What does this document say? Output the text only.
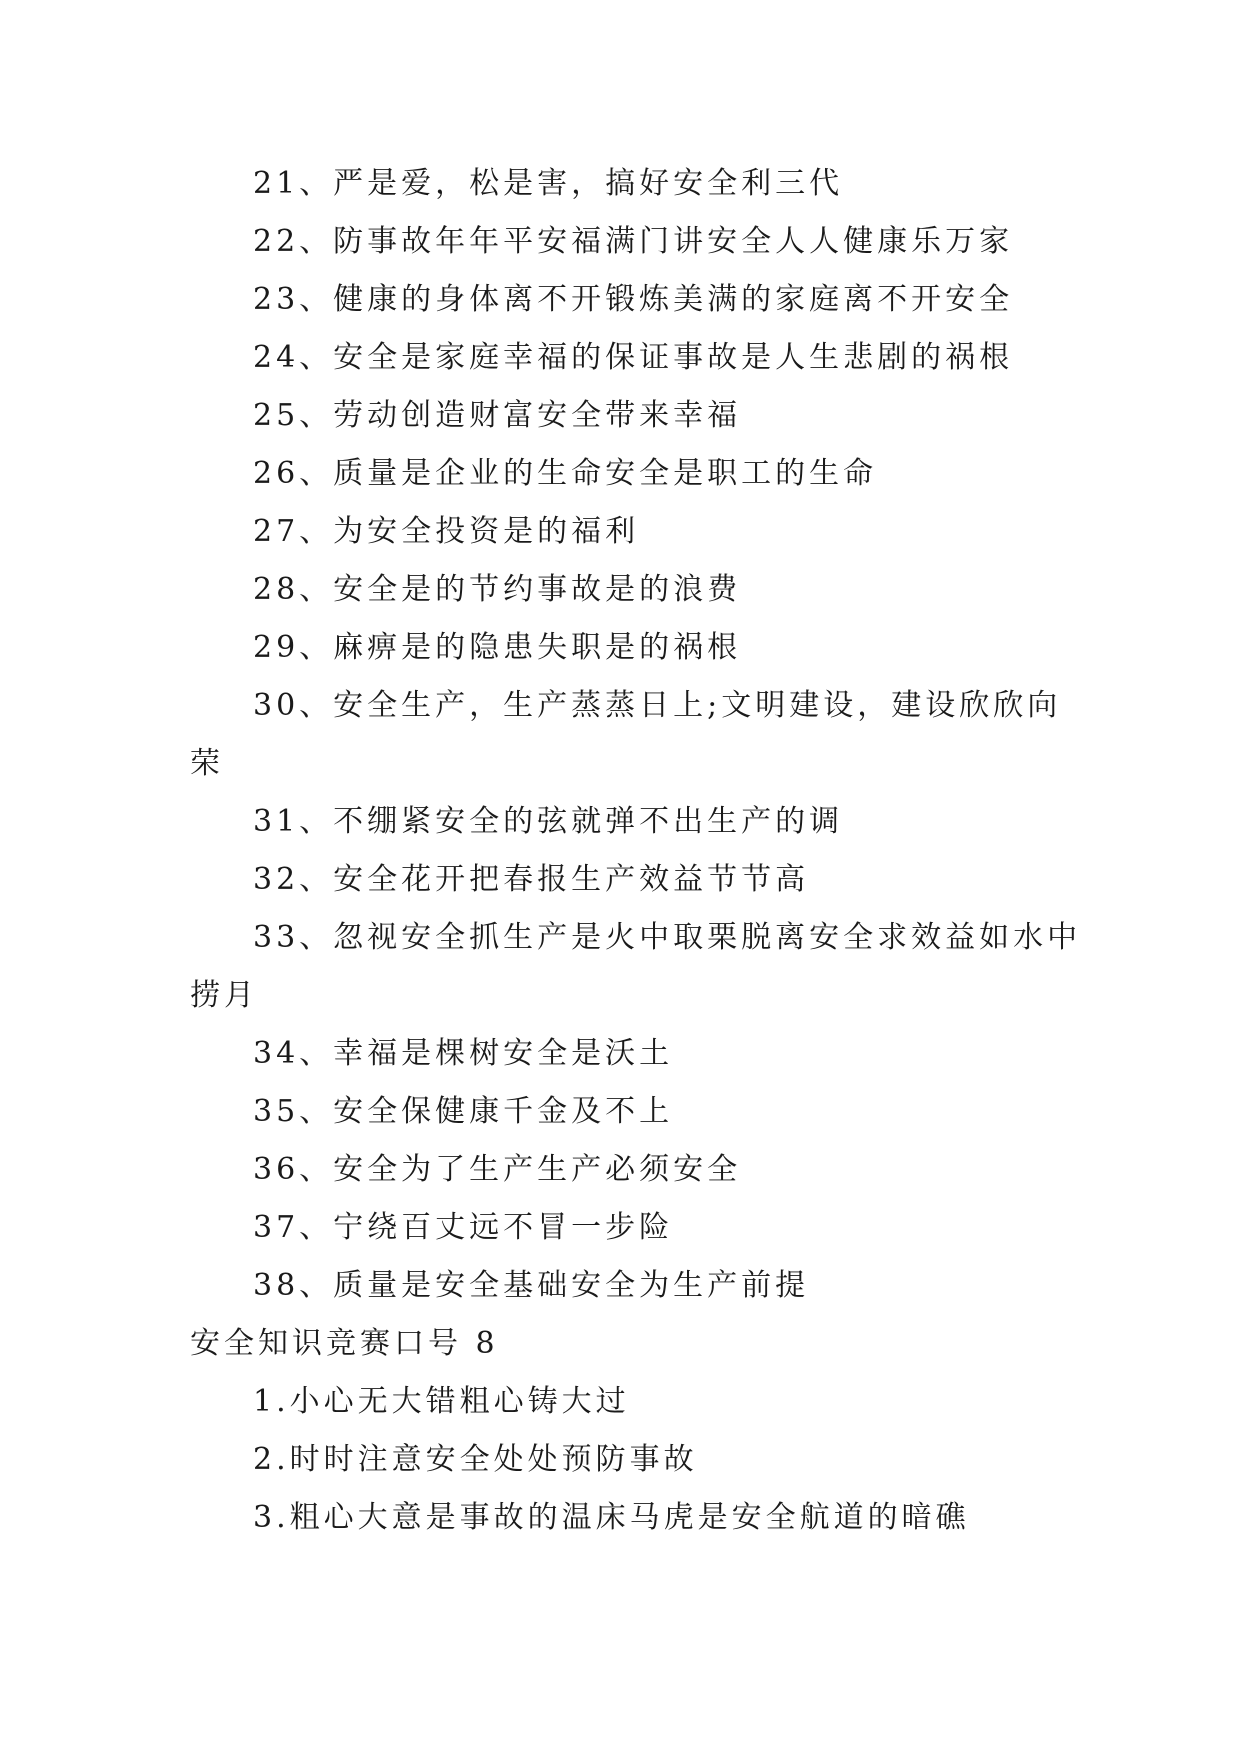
21、严是爱，松是害，搞好安全利三代
22、防事故年年平安福满门讲安全人人健康乐万家
23、健康的身体离不开锻炼美满的家庭离不开安全
24、安全是家庭幸福的保证事故是人生悲剧的祸根
25、劳动创造财富安全带来幸福
26、质量是企业的生命安全是职工的生命
27、为安全投资是的福利
28、安全是的节约事故是的浪费
29、麻痹是的隐患失职是的祸根
30、安全生产，生产蒸蒸日上;文明建设，建设欣欣向
荣
31、不绷紧安全的弦就弹不出生产的调
32、安全花开把春报生产效益节节高
33、忽视安全抓生产是火中取栗脱离安全求效益如水中
捞月
34、幸福是棵树安全是沃土
35、安全保健康千金及不上
36、安全为了生产生产必须安全
37、宁绕百丈远不冒一步险
38、质量是安全基础安全为生产前提
安全知识竞赛口号 8
1.小心无大错粗心铸大过
2.时时注意安全处处预防事故
3.粗心大意是事故的温床马虎是安全航道的暗礁
